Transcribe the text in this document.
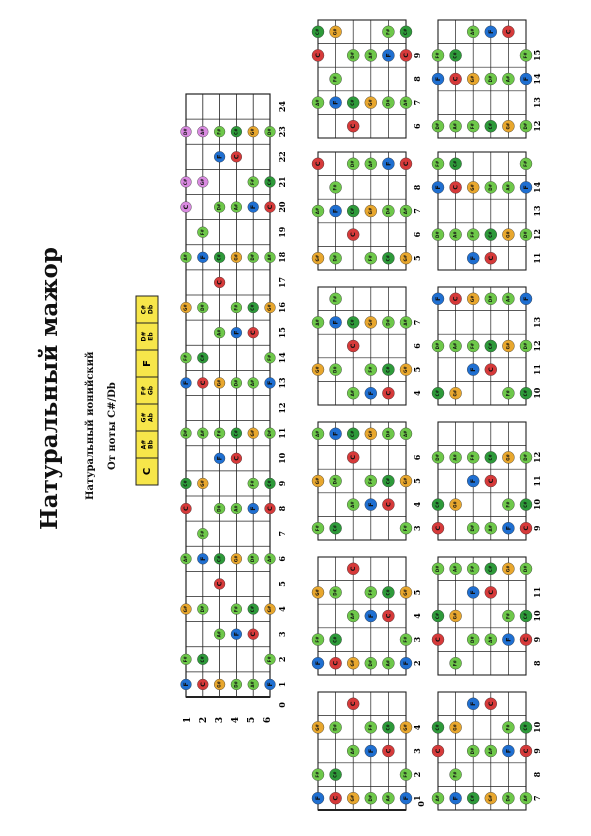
C# Db
D# Eb
F
F# Gb
G# Ab
A# Bb
C
1 2 3 4 5 6
0
1
2
3
4
5
6
7
8
9
10
11
12
13
14
15
16
17
18
19
20
21
22
23
24
F
F#
G#
A#
C
C#
D#
F
F#
G#
A#
C
C#
D#
C
C#
D#
F
F#
G#
A#
C
C#
D#
F
F#
G#
A#
G#
A#
C
C#
D#
F
F#
G#
A#
C
C#
D#
F
F#
D#
F
F#
G#
A#
C
C#
D#
F
F#
G#
A#
C
C#
A#
C
C#
D#
F
F#
G#
A#
C
C#
D#
F
F#
G#
F
F#
G#
A#
C
C#
D#
F
F#
G#
A#
C
C#
D#
0
1
2
3
4
F
F#
G#
C
C#
D#
G#
A#
C
D#
F
F#
A#
C
C#
F
F#
G#
2
3
4
5
F
F#
G#
C
C#
D#
G#
A#
C
D#
F
F#
A#
C
C#
F
F#
G#
3
4
5
6
F#
G#
A#
C#
D#
F
A#
C
C#
F
F#
G#
C
C#
D#
F#
G#
A#
4
5
6
7
G#
A#
D#
F
F#
A#
C
C#
F
F#
G#
C
C#
D#
G#
A#
5
6
7
8
G#
A#
C
D#
F
F#
C
C#
D#
F#
G#
A#
C#
D#
F
G#
A#
C
6
7
8
9
A#
C
C#
F
F#
G#
C
C#
D#
G#
A#
D#
F
F#
A#
C
C#
7
8
9
10
A#
C
C#
F
F#
G#
C#
D#
F
G#
A#
C
D#
F
F#
A#
C
C#
8
9
10
11
C
C#
D#
F#
G#
A#
D#
F
F#
A#
C
C#
F
F#
G#
C
C#
D#
9
10
11
12
C
C#
D#
G#
A#
D#
F
F#
A#
C
C#
F
F#
G#
C
C#
D#
10
11
12
13
C#
D#
F
G#
A#
C
F
F#
G#
C
C#
D#
F#
G#
A#
C#
D#
F
11
12
13
14
D#
F
F#
A#
C
C#
F
F#
G#
C
C#
D#
G#
A#
D#
F
F#
12
13
14
15
D#
F
F#
A#
C
C#
F#
G#
A#
C#
D#
F
G#
A#
C
D#
F
F#
Натуральный мажор Натуральный ионийский От ноты C#/Db
